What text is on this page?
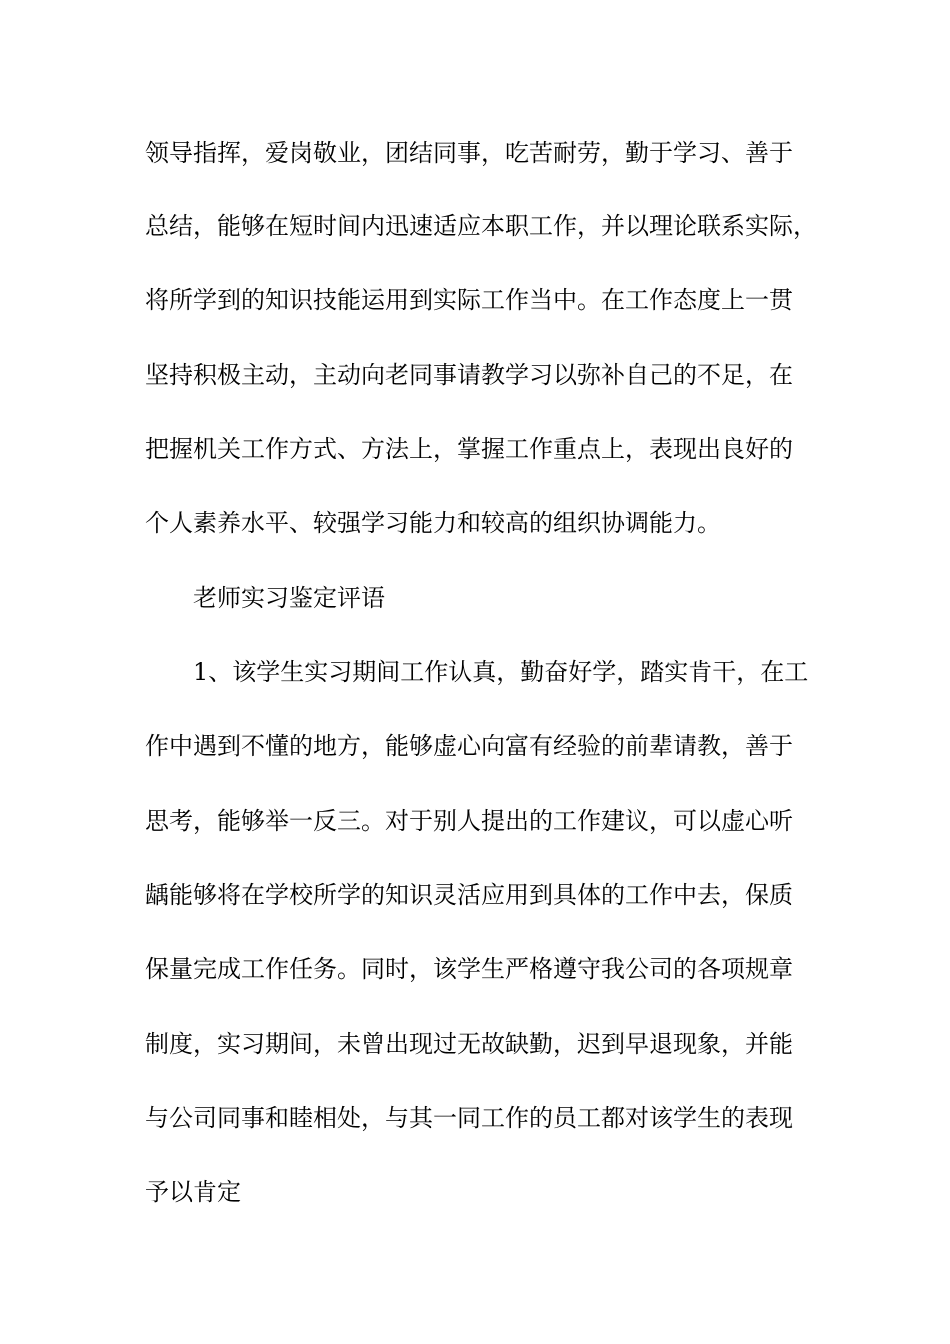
领导指挥，爱岗敬业，团结同事，吃苦耐劳，勤于学习、善于
总结，能够在短时间内迅速适应本职工作，并以理论联系实际，
将所学到的知识技能运用到实际工作当中。在工作态度上一贯
坚持积极主动，主动向老同事请教学习以弥补自己的不足，在
把握机关工作方式、方法上，掌握工作重点上，表现出良好的
个人素养水平、较强学习能力和较高的组织协调能力。
老师实习鉴定评语
1、该学生实习期间工作认真，勤奋好学，踏实肯干，在工
作中遇到不懂的地方，能够虚心向富有经验的前辈请教，善于
思考，能够举一反三。对于别人提出的工作建议，可以虚心听
龋能够将在学校所学的知识灵活应用到具体的工作中去，保质
保量完成工作任务。同时，该学生严格遵守我公司的各项规章
制度，实习期间，未曾出现过无故缺勤，迟到早退现象，并能
与公司同事和睦相处，与其一同工作的员工都对该学生的表现
予以肯定
